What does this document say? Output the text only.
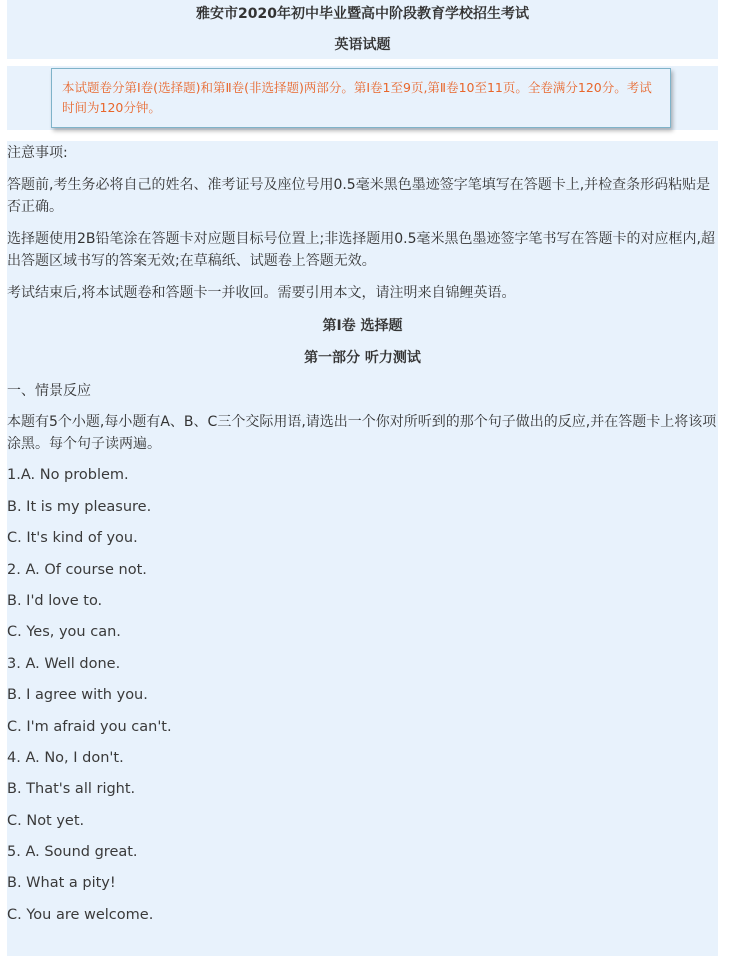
雅安市2020年初中毕业暨高中阶段教育学校招生考试
英语试题
本试题卷分第Ⅰ卷(选择题)和第Ⅱ卷(非选择题)两部分。第Ⅰ卷1至9页,第Ⅱ卷10至11页。全卷满分120分。考试时间为120分钟。
注意事项:
答题前,考生务必将自己的姓名、准考证号及座位号用0.5毫米黑色墨迹签字笔填写在答题卡上,并检查条形码粘贴是否正确。
选择题使用2B铅笔涂在答题卡对应题目标号位置上;非选择题用0.5毫米黑色墨迹签字笔书写在答题卡的对应框内,超出答题区域书写的答案无效;在草稿纸、试题卷上答题无效。
考试结束后,将本试题卷和答题卡一并收回。需要引用本文，请注明来自锦鲤英语。
第Ⅰ卷 选择题
第一部分 听力测试
一、情景反应
本题有5个小题,每小题有A、B、C三个交际用语,请选出一个你对所听到的那个句子做出的反应,并在答题卡上将该项涂黑。每个句子读两遍。
1.A. No problem.
B. It is my pleasure.
C. It's kind of you.
2. A. Of course not.
B. I'd love to.
C. Yes, you can.
3. A. Well done.
B. I agree with you.
C. I'm afraid you can't.
4. A. No, I don't.
B. That's all right.
C. Not yet.
5. A. Sound great.
B. What a pity!
C. You are welcome.
